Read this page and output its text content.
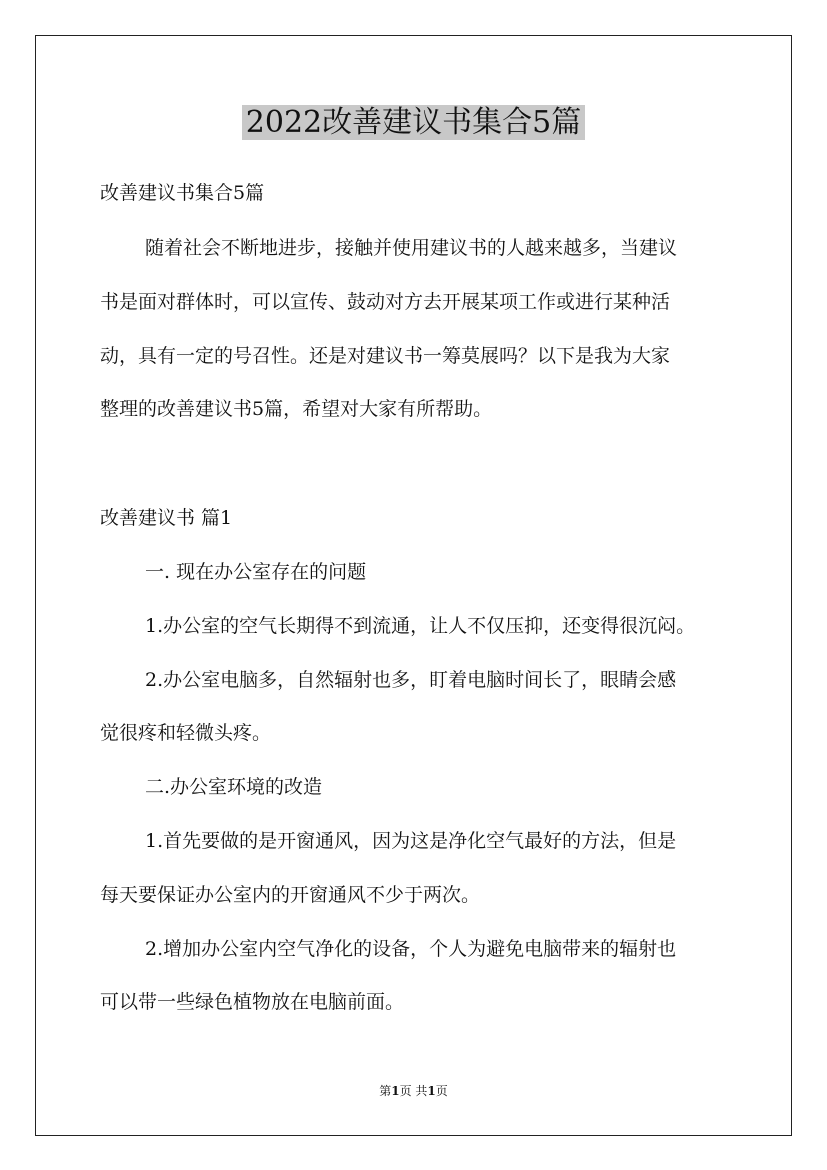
2022改善建议书集合5篇
改善建议书集合5篇
随着社会不断地进步，接触并使用建议书的人越来越多，当建议
书是面对群体时，可以宣传、鼓动对方去开展某项工作或进行某种活
动，具有一定的号召性。还是对建议书一筹莫展吗？以下是我为大家
整理的改善建议书5篇，希望对大家有所帮助。
改善建议书 篇1
一. 现在办公室存在的问题
1.办公室的空气长期得不到流通，让人不仅压抑，还变得很沉闷。
2.办公室电脑多，自然辐射也多，盯着电脑时间长了，眼睛会感
觉很疼和轻微头疼。
二.办公室环境的改造
1.首先要做的是开窗通风，因为这是净化空气最好的方法，但是
每天要保证办公室内的开窗通风不少于两次。
2.增加办公室内空气净化的设备，个人为避免电脑带来的辐射也
可以带一些绿色植物放在电脑前面。
第1页 共1页
